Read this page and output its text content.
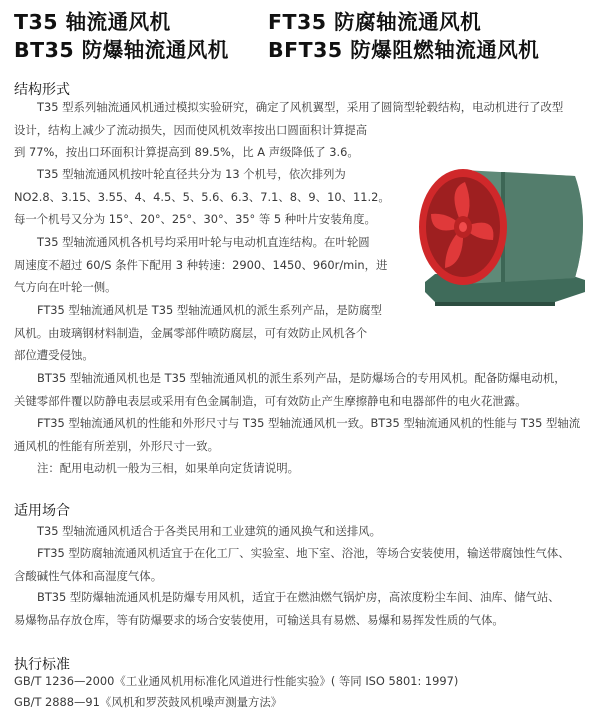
T35 轴流通风机	FT35 防腐轴流通风机
BT35 防爆轴流通风机 BFT35 防爆阻燃轴流通风机
结构形式
T35 型系列轴流通风机通过模拟实验研究，确定了风机翼型，采用了圆筒型轮毂结构，电动机进行了改型
设计，结构上减少了流动损失，因而使风机效率按出口圆面积计算提高
到 77%，按出口环面积计算提高到 89.5%，比 A 声级降低了 3.6。
T35 型轴流通风机按叶轮直径共分为 13 个机号，依次排列为
NO2.8、3.15、3.55、4、4.5、5、5.6、6.3、7.1、8、9、10、11.2。
每一个机号又分为 15°、20°、25°、30°、35° 等 5 种叶片安装角度。
T35 型轴流通风机各机号均采用叶轮与电动机直连结构。在叶轮圆
周速度不超过 60/S 条件下配用 3 种转速：2900、1450、960r/min，进
气方向在叶轮一侧。
FT35 型轴流通风机是 T35 型轴流通风机的派生系列产品，是防腐型
风机。由玻璃钢材料制造，金属零部件喷防腐层，可有效防止风机各个
部位遭受侵蚀。
BT35 型轴流通风机也是 T35 型轴流通风机的派生系列产品，是防爆场合的专用风机。配备防爆电动机，
关键零部件覆以防静电表层或采用有色金属制造，可有效防止产生摩擦静电和电器部件的电火花泄露。
FT35 型轴流通风机的性能和外形尺寸与 T35 型轴流通风机一致。BT35 型轴流通风机的性能与 T35 型轴流
通风机的性能有所差别，外形尺寸一致。
注：配用电动机一般为三相，如果单向定货请说明。
适用场合
T35 型轴流通风机适合于各类民用和工业建筑的通风换气和送排风。
FT35 型防腐轴流通风机适宜于在化工厂、实验室、地下室、浴池，等场合安装使用，输送带腐蚀性气体、
含酸碱性气体和高湿度气体。
BT35 型防爆轴流通风机是防爆专用风机，适宜于在燃油燃气锅炉房，高浓度粉尘车间、油库、储气站、
易爆物品存放仓库，等有防爆要求的场合安装使用，可输送具有易燃、易爆和易挥发性质的气体。
执行标准
GB/T 1236—2000《工业通风机用标准化风道进行性能实验》( 等同 ISO 5801: 1997)
GB/T 2888—91《风机和罗茨鼓风机噪声测量方法》
